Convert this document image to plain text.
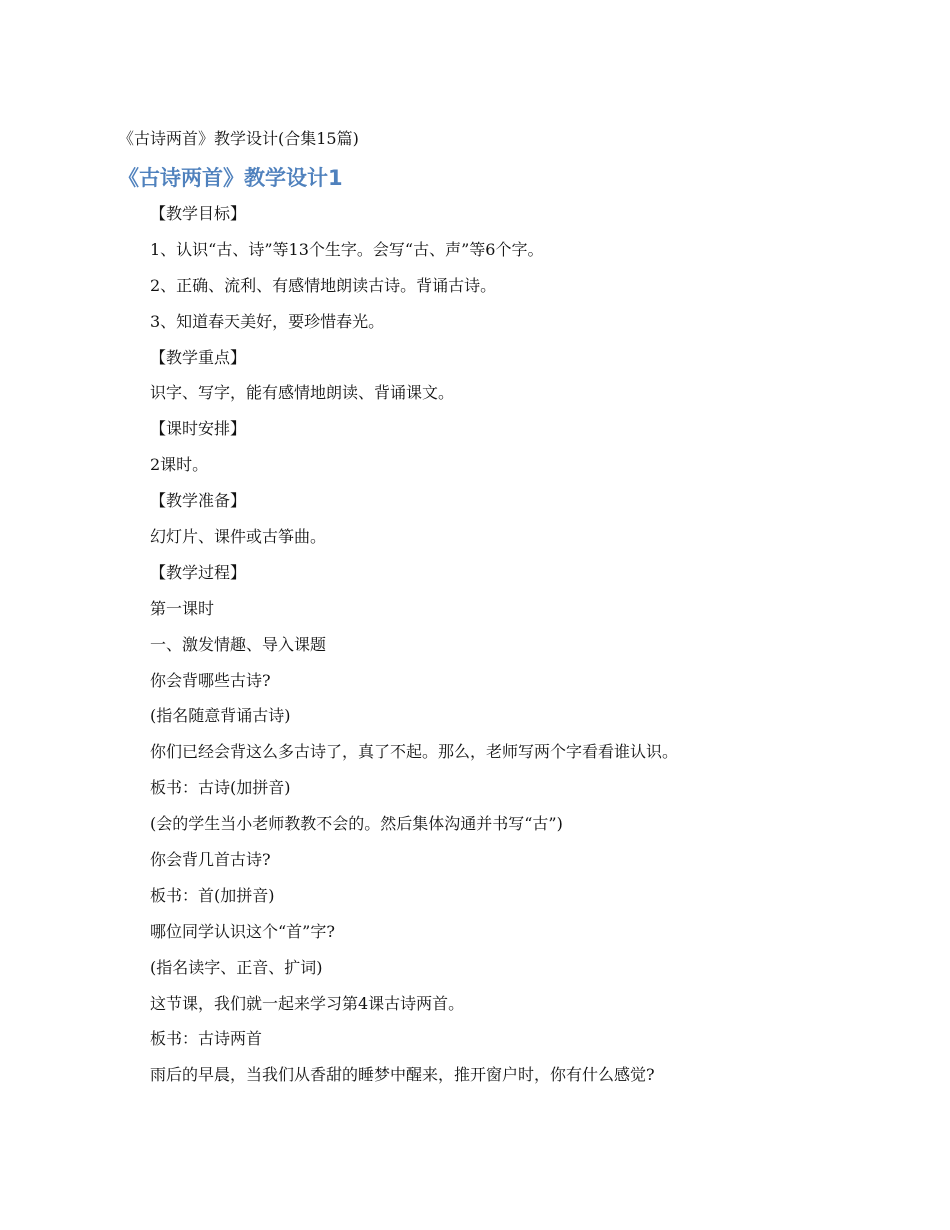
《古诗两首》教学设计(合集15篇)
《古诗两首》教学设计1
【教学目标】
1、认识“古、诗”等13个生字。会写“古、声”等6个字。
2、正确、流利、有感情地朗读古诗。背诵古诗。
3、知道春天美好，要珍惜春光。
【教学重点】
识字、写字，能有感情地朗读、背诵课文。
【课时安排】
2课时。
【教学准备】
幻灯片、课件或古筝曲。
【教学过程】
第一课时
一、激发情趣、导入课题
你会背哪些古诗?
(指名随意背诵古诗)
你们已经会背这么多古诗了，真了不起。那么，老师写两个字看看谁认识。
板书：古诗(加拼音)
(会的学生当小老师教教不会的。然后集体沟通并书写“古”)
你会背几首古诗?
板书：首(加拼音)
哪位同学认识这个“首”字?
(指名读字、正音、扩词)
这节课，我们就一起来学习第4课古诗两首。
板书：古诗两首
雨后的早晨，当我们从香甜的睡梦中醒来，推开窗户时，你有什么感觉?
